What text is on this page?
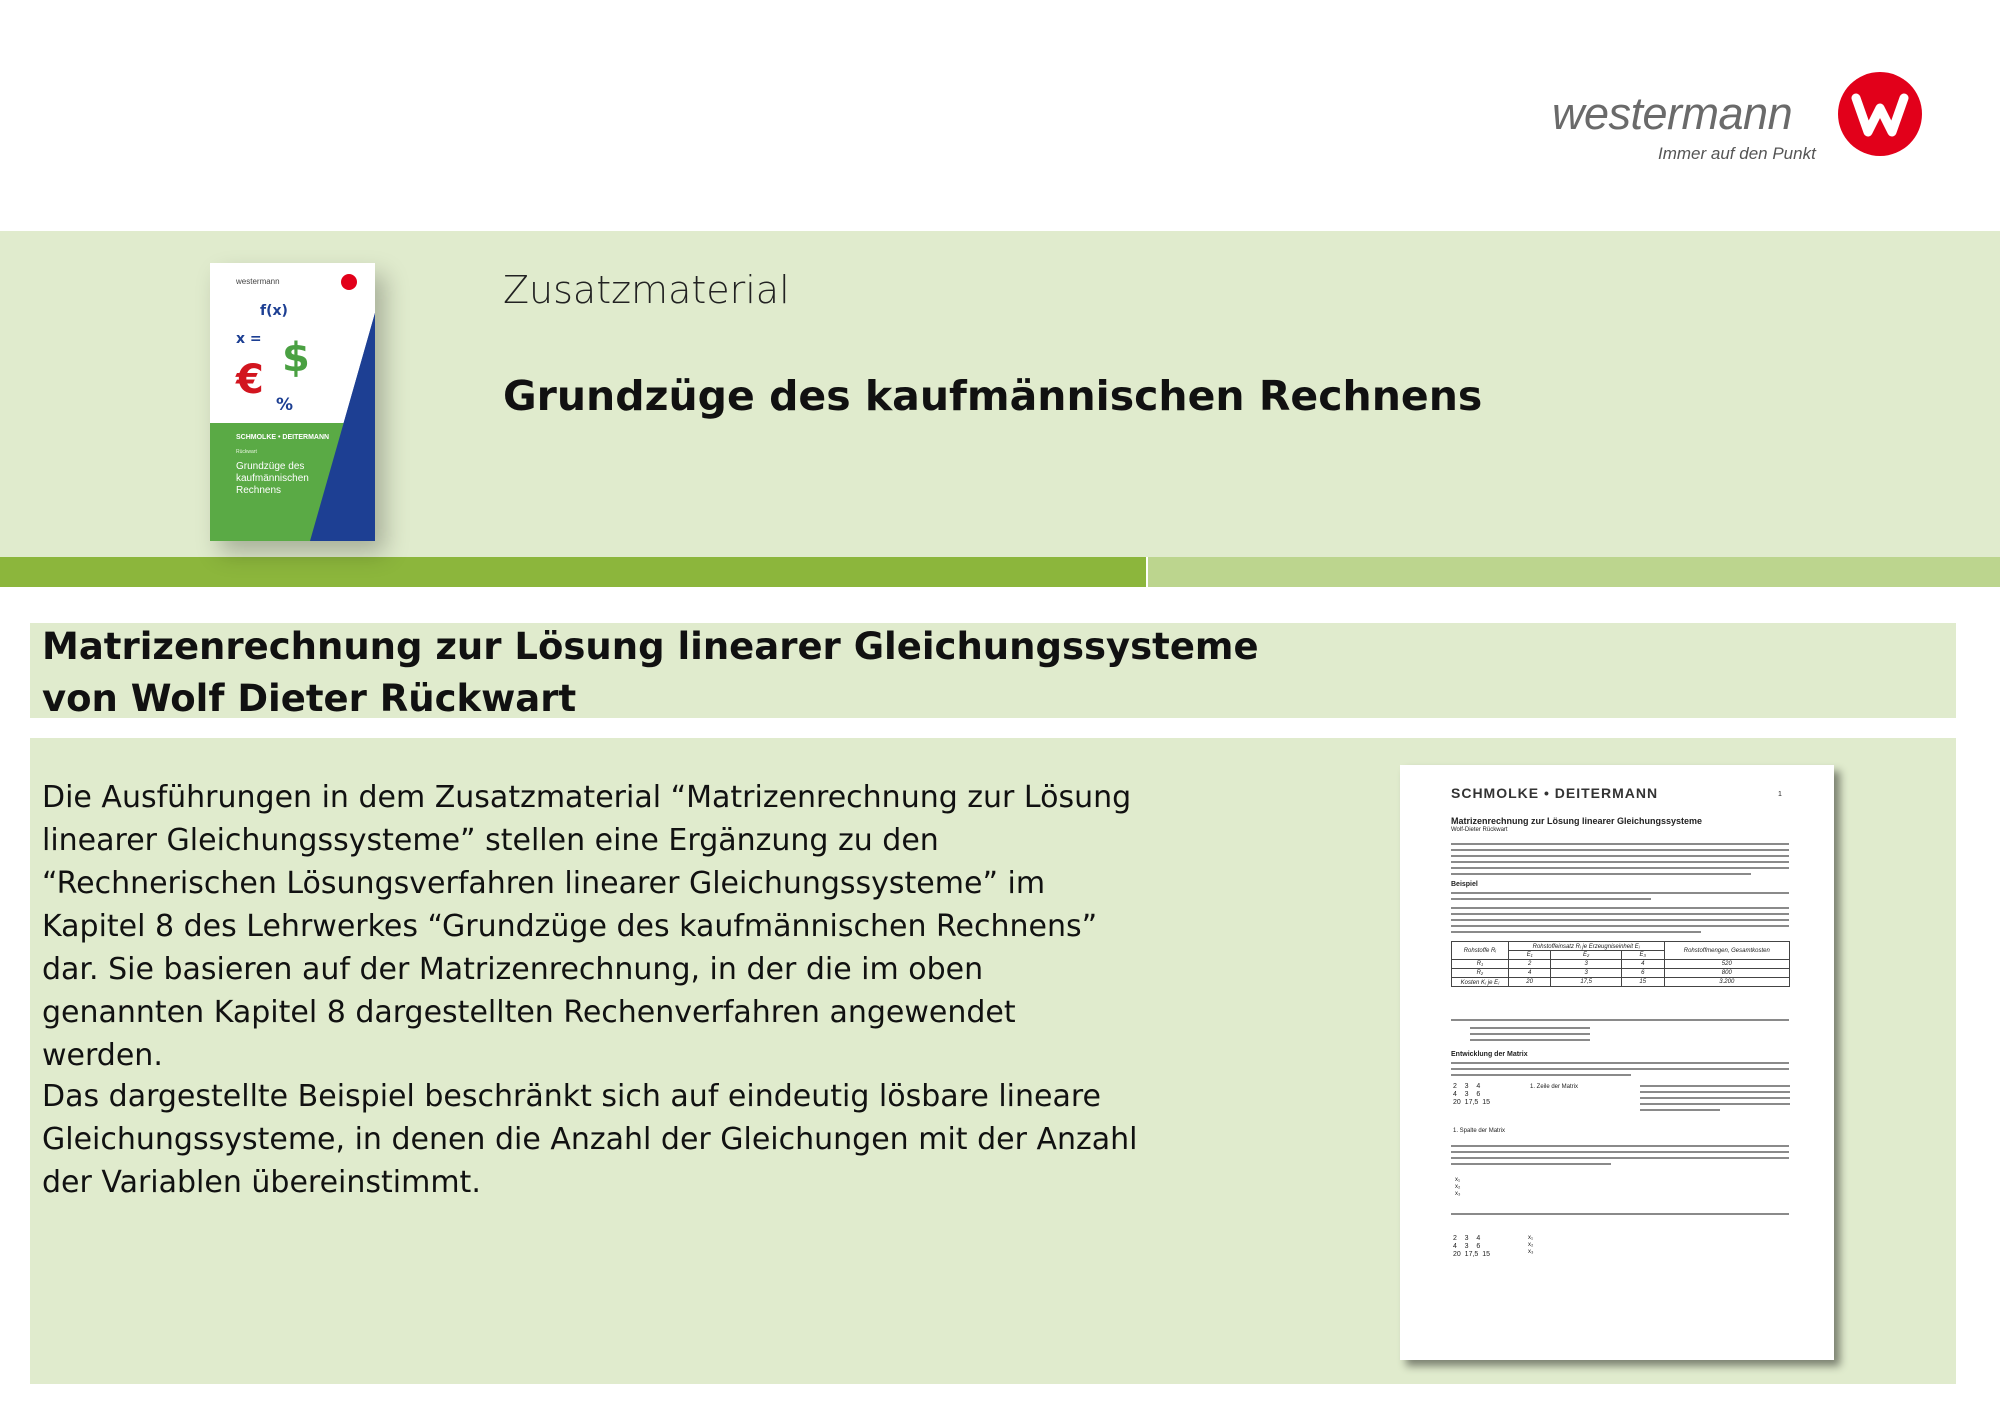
westermann
Immer auf den Punkt
westermann
f(x)
x = $
€
%
SCHMOLKE • DEITERMANN
Rückwart
Grundzüge des kaufmännischen Rechnens
Zusatzmaterial
Grundzüge des kaufmännischen Rechnens
Matrizenrechnung zur Lösung linearer Gleichungssysteme
von Wolf Dieter Rückwart
Die Ausführungen in dem Zusatzmaterial “Matrizenrechnung zur Lösung linearer Gleichungssysteme” stellen eine Ergänzung zu den “Rechnerischen Lösungsverfahren linearer Gleichungssysteme” im Kapitel 8 des Lehrwerkes “Grundzüge des kaufmännischen Rechnens” dar. Sie basieren auf der Matrizenrechnung, in der die im oben genannten Kapitel 8 dargestellten Rechenverfahren angewendet werden.
Das dargestellte Beispiel beschränkt sich auf eindeutig lösbare lineare Gleichungssysteme, in denen die Anzahl der Gleichungen mit der Anzahl der Variablen übereinstimmt.
SCHMOLKE • DEITERMANN	1
Matrizenrechnung zur Lösung linearer Gleichungssysteme
Wolf-Dieter Rückwart
Beispiel
Rohstoffe Rᵢ	Rohstoffeinsatz Rᵢ je Erzeugniseinheit Eⱼ			Rohstoffmengen, Gesamtkosten
	E₁	E₂	E₃	
R₁	2	3	4	520
R₂	4	3	6	800
Kosten Kⱼ je Eⱼ	20	17,5	15	3.200
Entwicklung der Matrix
2    3    4
4    3    6
20  17,5  15
1. Zeile der Matrix
1. Spalte der Matrix
x₁
x₂
x₃
2    3    4
4    3    6
20  17,5  15
x₁
x₂
x₃
